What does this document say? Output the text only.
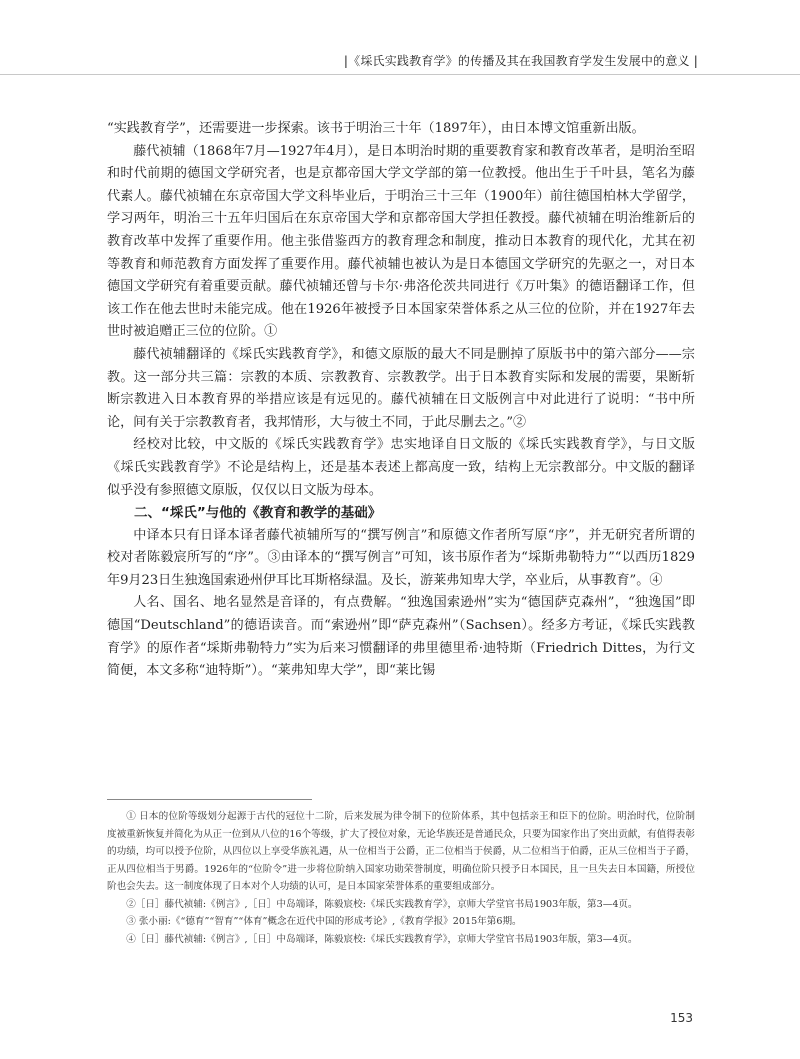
|《埰氏实践教育学》的传播及其在我国教育学发生发展中的意义 |

“实践教育学”，还需要进一步探索。该书于明治三十年（1897年），由日本博文馆重新出版。

藤代祯辅（1868年7月—1927年4月），是日本明治时期的重要教育家和教育改革者，是明治至昭和时代前期的德国文学研究者，也是京都帝国大学文学部的第一位教授。他出生于千叶县，笔名为藤代素人。藤代祯辅在东京帝国大学文科毕业后，于明治三十三年（1900年）前往德国柏林大学留学，学习两年，明治三十五年归国后在东京帝国大学和京都帝国大学担任教授。藤代祯辅在明治维新后的教育改革中发挥了重要作用。他主张借鉴西方的教育理念和制度，推动日本教育的现代化，尤其在初等教育和师范教育方面发挥了重要作用。藤代祯辅也被认为是日本德国文学研究的先驱之一，对日本德国文学研究有着重要贡献。藤代祯辅还曾与卡尔·弗洛伦茨共同进行《万叶集》的德语翻译工作，但该工作在他去世时未能完成。他在1926年被授予日本国家荣誉体系之从三位的位阶，并在1927年去世时被追赠正三位的位阶。①

藤代祯辅翻译的《埰氏实践教育学》，和德文原版的最大不同是删掉了原版书中的第六部分——宗教。这一部分共三篇：宗教的本质、宗教教育、宗教教学。出于日本教育实际和发展的需要，果断斩断宗教进入日本教育界的举措应该是有远见的。藤代祯辅在日文版例言中对此进行了说明：“书中所论，间有关于宗教教育者，我邦情形，大与彼土不同，于此尽删去之。”②

经校对比较，中文版的《埰氏实践教育学》忠实地译自日文版的《埰氏实践教育学》，与日文版《埰氏实践教育学》不论是结构上，还是基本表述上都高度一致，结构上无宗教部分。中文版的翻译似乎没有参照德文原版，仅仅以日文版为母本。

二、“埰氏”与他的《教育和教学的基础》

中译本只有日译本译者藤代祯辅所写的“撰写例言”和原德文作者所写原“序”，并无研究者所谓的校对者陈毅宸所写的“序”。③由译本的“撰写例言”可知，该书原作者为“埰斯弗勒特力”“以西历1829年9月23日生独逸国索逊州伊耳比耳斯格绿温。及长，游莱弗知卑大学，卒业后，从事教育”。④

人名、国名、地名显然是音译的，有点费解。“独逸国索逊州”实为“德国萨克森州”，“独逸国”即德国“Deutschland”的德语读音。而“索逊州”即“萨克森州”（Sachsen）。经多方考证，《埰氏实践教育学》的原作者“埰斯弗勒特力”实为后来习惯翻译的弗里德里希·迪特斯（Friedrich Dittes，为行文简便，本文多称“迪特斯”）。“莱弗知卑大学”，即“莱比锡

① 日本的位阶等级划分起源于古代的冠位十二阶，后来发展为律令制下的位阶体系，其中包括亲王和臣下的位阶。明治时代，位阶制度被重新恢复并简化为从正一位到从八位的16个等级，扩大了授位对象，无论华族还是普通民众，只要为国家作出了突出贡献，有值得表彰的功绩，均可以授予位阶，从四位以上享受华族礼遇，从一位相当于公爵，正二位相当于侯爵，从二位相当于伯爵，正从三位相当于子爵，正从四位相当于男爵。1926年的“位阶令”进一步将位阶纳入国家功勋荣誉制度，明确位阶只授予日本国民，且一旦失去日本国籍，所授位阶也会失去。这一制度体现了日本对个人功绩的认可，是日本国家荣誉体系的重要组成部分。

②［日］藤代祯辅:《例言》,［日］中岛端译，陈毅宸校:《埰氏实践教育学》，京师大学堂官书局1903年版，第3—4页。

③ 张小丽:《“德育”“智育”“体育”概念在近代中国的形成考论》,《教育学报》2015年第6期。

④［日］藤代祯辅:《例言》,［日］中岛端译，陈毅宸校:《埰氏实践教育学》，京师大学堂官书局1903年版，第3—4页。

153
